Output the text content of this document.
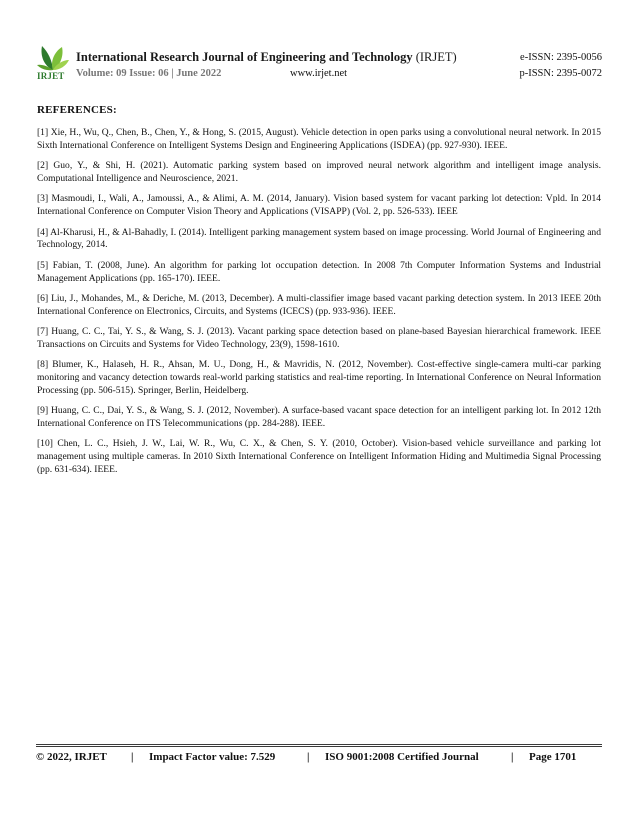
IRJET
International Research Journal of Engineering and Technology (IRJET)	e-ISSN: 2395-0056
Volume: 09 Issue: 06 | June 2022	www.irjet.net	p-ISSN: 2395-0072
REFERENCES:
[1] Xie, H., Wu, Q., Chen, B., Chen, Y., & Hong, S. (2015, August). Vehicle detection in open parks using a convolutional neural network. In 2015 Sixth International Conference on Intelligent Systems Design and Engineering Applications (ISDEA) (pp. 927-930). IEEE.
[2] Guo, Y., & Shi, H. (2021). Automatic parking system based on improved neural network algorithm and intelligent image analysis. Computational Intelligence and Neuroscience, 2021.
[3] Masmoudi, I., Wali, A., Jamoussi, A., & Alimi, A. M. (2014, January). Vision based system for vacant parking lot detection: Vpld. In 2014 International Conference on Computer Vision Theory and Applications (VISAPP) (Vol. 2, pp. 526-533). IEEE
[4] Al-Kharusi, H., & Al-Bahadly, I. (2014). Intelligent parking management system based on image processing. World Journal of Engineering and Technology, 2014.
[5] Fabian, T. (2008, June). An algorithm for parking lot occupation detection. In 2008 7th Computer Information Systems and Industrial Management Applications (pp. 165-170). IEEE.
[6] Liu, J., Mohandes, M., & Deriche, M. (2013, December). A multi-classifier image based vacant parking detection system. In 2013 IEEE 20th International Conference on Electronics, Circuits, and Systems (ICECS) (pp. 933-936). IEEE.
[7] Huang, C. C., Tai, Y. S., & Wang, S. J. (2013). Vacant parking space detection based on plane-based Bayesian hierarchical framework. IEEE Transactions on Circuits and Systems for Video Technology, 23(9), 1598-1610.
[8] Blumer, K., Halaseh, H. R., Ahsan, M. U., Dong, H., & Mavridis, N. (2012, November). Cost-effective single-camera multi-car parking monitoring and vacancy detection towards real-world parking statistics and real-time reporting. In International Conference on Neural Information Processing (pp. 506-515). Springer, Berlin, Heidelberg.
[9] Huang, C. C., Dai, Y. S., & Wang, S. J. (2012, November). A surface-based vacant space detection for an intelligent parking lot. In 2012 12th International Conference on ITS Telecommunications (pp. 284-288). IEEE.
[10] Chen, L. C., Hsieh, J. W., Lai, W. R., Wu, C. X., & Chen, S. Y. (2010, October). Vision-based vehicle surveillance and parking lot management using multiple cameras. In 2010 Sixth International Conference on Intelligent Information Hiding and Multimedia Signal Processing (pp. 631-634). IEEE.
© 2022, IRJET | Impact Factor value: 7.529	| ISO 9001:2008 Certified Journal	| Page 1701
